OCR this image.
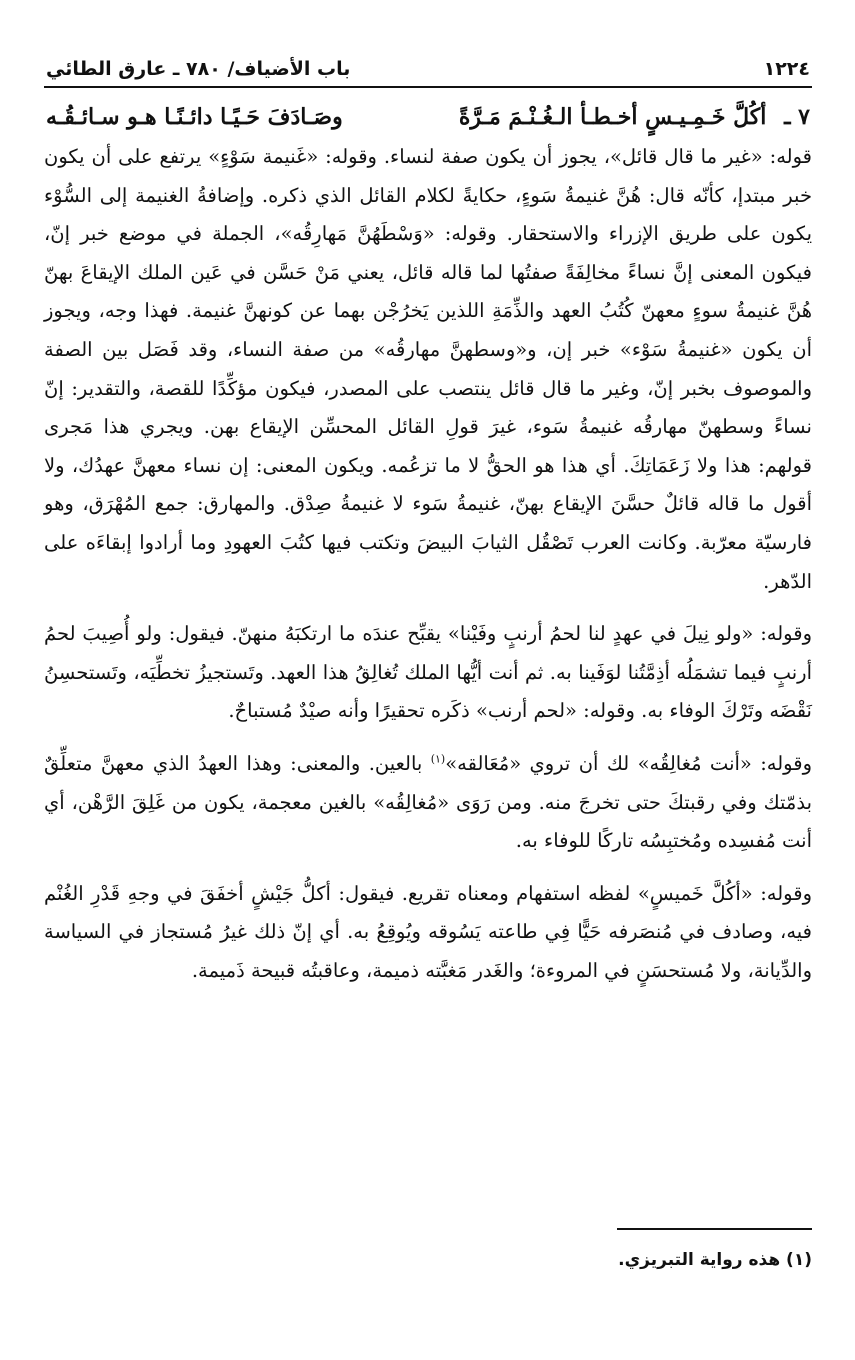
١٢٢٤
باب الأضياف/ ٧٨٠ ـ عارق الطائي
٧ ـ أكُلَّ خَـمِـيـسٍ أخـطـأ الـغُـنْـمَ مَـرَّةً
وصَـادَفَ حَـيًـا دائـنًـا هـو سـائـقُـه

قوله: «غير ما قال قائل»، يجوز أن يكون صفة لنساء. وقوله: «غَنيمة سَوْءٍ» يرتفع على أن يكون خبر مبتدإ، كأنّه قال: هُنَّ غنيمةُ سَوءٍ، حكايةً لكلام القائل الذي ذكره. وإضافةُ الغنيمة إلى السُّوْء يكون على طريق الإزراء والاستحقار. وقوله: «وَسْطَهُنَّ مَهارِقُه»، الجملة في موضع خبر إنّ، فيكون المعنى إنَّ نساءً مخالِفَةً صفتُها لما قاله قائل، يعني مَنْ حَسَّن في عَين الملك الإيقاعَ بهنّ هُنَّ غنيمةُ سوءٍ معهنّ كُتُبُ العهد والذِّمَةِ اللذين يَخرُجْن بهما عن كونهنَّ غنيمة. فهذا وجه، ويجوز أن يكون «غنيمةُ سَوْء» خبر إن، و«وسطهنَّ مهارقُه» من صفة النساء، وقد فَصَل بين الصفة والموصوف بخبر إنّ، وغير ما قال قائل ينتصب على المصدر، فيكون مؤكِّدًا للقصة، والتقدير: إنّ نساءً وسطهنّ مهارقُه غنيمةُ سَوء، غيرَ قولِ القائل المحسِّن الإيقاع بهن. ويجري هذا مَجرى قولهم: هذا ولا زَعَمَاتِكَ. أي هذا هو الحقُّ لا ما تزعُمه. ويكون المعنى: إن نساء معهنَّ عهدُك، ولا أقول ما قاله قائلٌ حسَّنَ الإيقاع بهنّ، غنيمةُ سَوء لا غنيمةُ صِدْق. والمهارق: جمع المُهْرَق، وهو فارسيّة معرّبة. وكانت العرب تَصْقُل الثيابَ البيضَ وتكتب فيها كتُبَ العهودِ وما أرادوا إبقاءَه على الدّهر.

وقوله: «ولو نِيلَ في عهدٍ لنا لحمُ أرنبٍ وفَيْنا» يقبِّح عندَه ما ارتكبَهُ منهنّ. فيقول: ولو أُصِيبَ لحمُ أرنبٍ فيما تشمَلُه أذِمَّتُنا لوَفَينا به. ثم أنت أيُّها الملك تُغالِقُ هذا العهد. وتَستجيزُ تخطِّيَه، وتَستحسِنُ نَقْضَه وتَرْكَ الوفاء به. وقوله: «لحم أرنب» ذكَره تحقيرًا وأنه صيْدٌ مُستباحٌ.

وقوله: «أنت مُغالِقُه» لك أن تروي «مُعَالقه»$^{(١)}$ بالعين. والمعنى: وهذا العهدُ الذي معهنَّ متعلِّقٌ بذمّتك وفي رقبتكَ حتى تخرجَ منه. ومن رَوَى «مُغالِقُه» بالغين معجمة، يكون من غَلِقَ الرَّهْن، أي أنت مُفسِده ومُختبِسُه تاركًا للوفاء به.

وقوله: «أكُلَّ خَميسٍ» لفظه استفهام ومعناه تقريع. فيقول: أكلُّ جَيْشٍ أخفَقَ في وجهِ قَدْرِ الغُنْم فيه، وصادف في مُنصَرفه حَيًّا فِي طاعته يَسُوقه ويُوقِعُ به. أي إنّ ذلك غيرُ مُستجاز في السياسة والدِّيانة، ولا مُستحسَنٍ في المروءة؛ والغَدر مَغبَّته ذميمة، وعاقبتُه قبيحة ذَميمة.

(١) هذه رواية التبريزي.
